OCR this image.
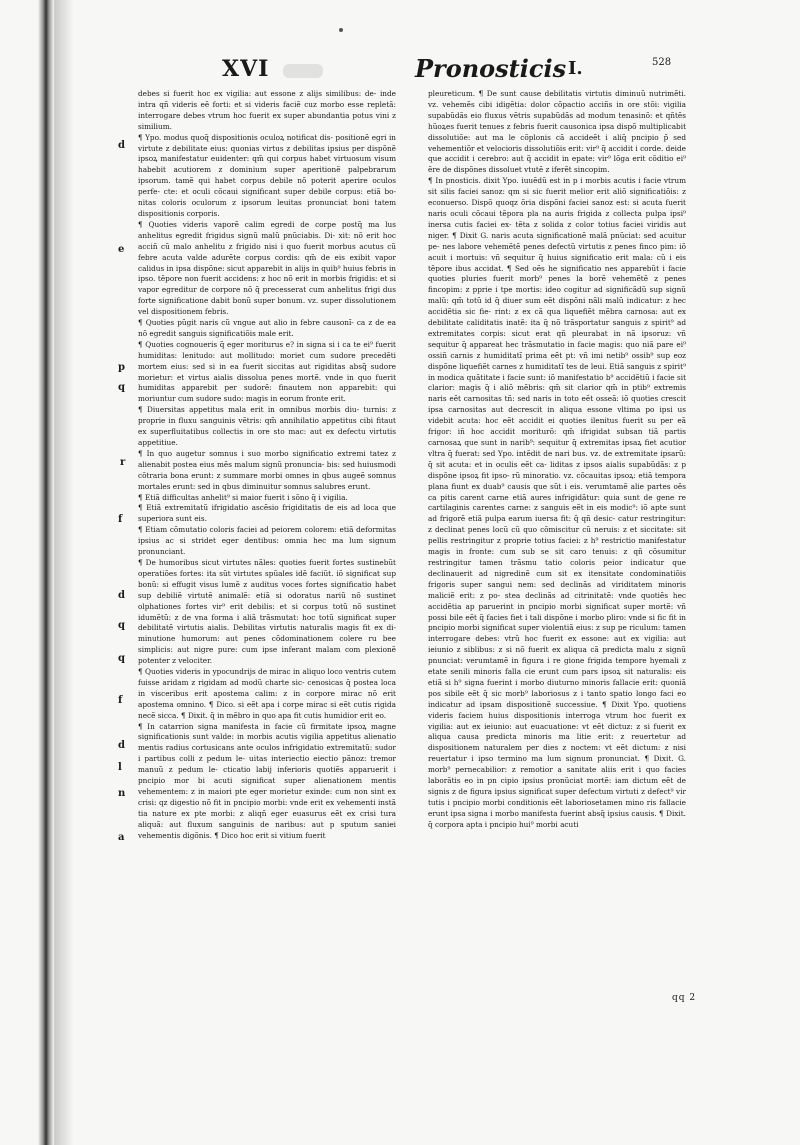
XVI	Pronosticis I.	528
debes si fuerit hoc ex vigilia: aut essone z alijs similibus: de- inde intra qñ videris eẽ forti: et si videris faciẽ cuz morbo esse repletã: interrogare debes vtrum hoc fuerit ex super abundantia potus vini z similium.
¶ Ypo. modus quoq̃ dispositionis oculoꝝ notificat dis- positionẽ egri in virtute z debilitate eius: quonias virtus z debilitas ipsius per dispõnẽ ipsoꝝ manifestatur euidenter: qm̃ qui corpus habet virtuosum visum habebit acutiorem z dominium super aperitionẽ palpebrarum ipsorum. tamẽ qui habet corpus debile nõ poterit aperire oculos perfe- cte: et oculi cõcaui significant super debile corpus: etiã bo- nitas coloris oculorum z ipsorum leuitas pronunciat boni tatem dispositionis corporis.
¶ Quoties videris vaporẽ calim egredi de corpe postq̃ ma lus anhelitus egredit frigidus signũ malũ pnũciabis. Di- xit: nõ erit hoc acciñ cũ malo anhelitu z frigido nisi i quo fuerit morbus acutus cũ febre acuta valde adurẽte corpus cordis: qm̃ de eis exibit vapor calidus in ipsa dispõne: sicut apparebit in alijs in quib⁹ huius febris in ipso. tẽpore non fuerit accidens: z hoc nõ erit in morbis frigidis: et si vapor egreditur de corpore nõ q̃ precesserat cum anhelitus frigi dus forte significatione dabit bonũ super bonum. vz. super dissolutionem vel dispositionem febris.
¶ Quoties pũgit naris cũ vngue aut alio in febre causonĩ- ca z de ea nõ egredit sanguis significatiõis male erit.
¶ Quoties cognoueris q̃ eger moriturus e? in signa si i ca te ei⁹ fuerit humiditas: lenitudo: aut mollitudo: moriet cum sudore precedẽti mortem eius: sed si in ea fuerit siccitas aut rigiditas absq̃ sudore morietur: et virtus aialis dissolua penes mortẽ. vnde in quo fuerit humiditas apparebit per sudorẽ: finautem non apparebit: qui moriuntur cum sudore sudo: magis in eorum fronte erit.
¶ Diuersitas appetitus mala erit in omnibus morbis diu- turnis: z proprie in fluxu sanguinis vẽtris: qm̃ annihilatio appetitus cibi fitaut ex superfluitatibus collectis in ore sto mac: aut ex defectu virtutis appetitiue.
¶ In quo augetur somnus i suo morbo significatio extremi tatez z alienabit postea eius mẽs malum signũ pronuncia- bis: sed huiusmodi cõtraria bona erunt: z summare morbi omnes in qbus augeẽ somnus mortales erunt: sed in qbus diminuitur somnus salubres erunt.
¶ Etiã difficultas anhelit⁹ si maior fuerit i sõno q̃ i vigilia.
¶ Etiã extremitatũ ifrigidatio ascẽsio frigiditatis de eis ad loca que superiora sunt eis.
¶ Etiam cõmutatio coloris faciei ad peiorem colorem: etiã deformitas ipsius ac si stridet eger dentibus: omnia hec ma lum signum pronunciant.
¶ De humoribus sicut virtutes nãles: quoties fuerit fortes sustinebũt operatiões fortes: ita sũt virtutes spũales idẽ faciũt. iõ significat sup bonũ: si effugit visus lumẽ z auditus voces fortes significatio habet sup debiliẽ virtutẽ animalẽ: etiã si odoratus nariũ nõ sustinet olphationes fortes vir⁹ erit debilis: et si corpus totũ nõ sustinet idumẽtũ: z de vna forma i aliã trãsmutat: hoc totũ significat super debilitatẽ virtutis aialis. Debilitas virtutis naturalis magis fit ex di- minutione humorum: aut penes cõdominationem colere ru bee simplicis: aut nigre pure: cum ipse inferant malam com plexionẽ potenter z velociter.
¶ Quoties videris in ypocundrijs de mirac in aliquo loco ventris cutem fuisse aridam z rigidam ad modũ charte sic- cenosicas q̃ postea loca in visceribus erit apostema calim: z in corpore mirac nõ erit apostema omnino. ¶ Dico. si eẽt apa i corpe mirac si eẽt cutis rigida necẽ sicca. ¶ Dixit. q̃ in mẽbro in quo apa fit cutis humidior erit eo.
¶ In catarrion signa manifesta in facie cũ firmitate ipsoꝝ magne significationis sunt valde: in morbis acutis vigilia appetitus alienatio mentis radius cortusicans ante oculos infrigidatio extremitatũ: sudor i partibus colli z pedum le- uitas interiectio eiectio pãnoz: tremor manuũ z pedum le- cticatio labij inferioris quotiẽs apparuerit i pncipio mor bi acuti significat super alienationem mentis vehementem: z in maiori pte eger morietur exinde: cum non sint ex crisi: qz digestio nõ fit in pncipio morbi: vnde erit ex vehementi instã tia nature ex pte morbi: z aliqñ eger euasurus eẽt ex crisi tura aliquã: aut fluxum sanguinis de naribus: aut p sputum saniei vehementis digõnis. ¶ Dico hoc erit si vitium fuerit
pleureticum. ¶ De sunt cause debilitatis virtutis diminuũ nutrimẽti. vz. vehemẽs cibi idigẽtia: dolor cõpactio acciñs in ore stõi: vigilia supabũdãs eio fluxus vẽtris supabũdãs ad modum tenasinõ: et qñtẽs hũoꝝes fuerit tenues z febris fuerit causonica ipsa dispõ multiplicabit dissolutiõe: aut ma le cõplonis cã accideẽt i aliq̃ pncipio p̃ sed vehementiõr et velocioris dissolutiõis erit: vir⁹ q̃ accidit i corde. deide que accidit i cerebro: aut q̃ accidit in epate: vir⁹ lõga erit cõditio ei⁹ ẽre de dispõnes dissoluet vtutẽ z iferẽt sincopim.
¶ In pnosticis. dixit Ypo. iuuẽdũ est in p i morbis acutis i facie vtrum sit silis faciei sanoz: qm si sic fuerit melior erit aliõ significatiõis: z econuerso. Dispõ quoqz õria dispõni faciei sanoz est: si acuta fuerit naris oculi cõcaui tẽpora pla na auris frigida z collecta pulpa ipsi⁹ inersa cutis faciei ex- tẽta z solida z color totius faciei viridis aut niger. ¶ Dixit G. naris acuta significationẽ malã pnũciat: sed acuitur pe- nes labore vehemẽtẽ penes defectũ virtutis z penes finco pim: iõ acuit i mortuis: vñ sequitur q̃ huius significatio erit mala: cũ i eis tẽpore ibus accidat. ¶ Sed oẽs he significatio nes apparebũt i facie quoties pluries fuerit morb⁹ penes la borẽ vehemẽtẽ z penes fincopim: z pprie i tpe mortis: ideo cogitur ad significãdũ sup signũ malũ: qm̃ totũ id q̃ diuer sum eẽt dispõni nãli malũ indicatur: z hec accidẽtia sic fie- rint: z ex cã qua liquefiẽt mẽbra carnosa: aut ex debilitate caliditatis inatẽ: ita q̃ nõ trãsportatur sanguis z spirit⁹ ad extremitates corpis: sicut erat qñ pleurabat in nã ipsoruz: vñ sequitur q̃ appareat hec trãsmutatio in facie magis: quo niã pare ei⁹ ossiñ carnis z humiditatĩ prima eẽt pt: vñ imi netib⁹ ossib⁹ sup eoz dispõne liquefiẽt carnes z humiditatĩ tes de leui. Etiã sanguis z spirit⁹ in modica quãtitate i facie sunt: iõ manifestatio b⁹ accidẽtiũ i facie sit clarior: magis q̃ i aliõ mẽbris: qm̃ sit clarior qm̃ in ptib⁹ extremis naris eẽt carnositas tñ: sed naris in toto eẽt osseã: iõ quoties crescit ipsa carnositas aut decrescit in aliqua essone vltima po ipsi us videbit acuta: hoc eẽt accidit ei quoties ilenitus fuerit su per eã frigor: iñ hoc accidit moriturõ: qm̃ ifrigidat subsan tiã partis carnosaꝝ que sunt in narib⁹: sequitur q̃ extremitas ipsaꝝ fiet acutior vltra q̃ fuerat: sed Ypo. intẽdit de nari bus. vz. de extremitate ipsarũ: q̃ sit acuta: et in oculis eẽt ca- liditas z ipsos aialis supabũdãs: z p dispõne ipsoꝝ fit ipso- rũ minoratio. vz. cõcauitas ipsoꝝ: etiã tempora plana fiunt ex duab⁹ causis que sũt i eis. verumtamẽ alie partes oẽs ca pitis carent carne etiã aures infrigidãtur: quia sunt de gene re cartilaginis carentes carne: z sanguis eẽt in eis modic⁹: iõ apte sunt ad frigorẽ etiã pulpa earum iuersa fit: q̃ qñ desic- catur restringitur: z declinat penes locũ cũ quo cõmiscitur cũ neruis: z et siccitate: sit pellis restringitur z proprie totius faciei: z h⁹ restrictio manifestatur magis in fronte: cum sub se sit caro tenuis: z qñ cõsumitur restringitur tamen trãsmu tatio coloris peior indicatur que declinauerit ad nigredinẽ cum sit ex itensitate condominatiõis frigoris super sangui nem: sed declinãs ad viriditatem minoris maliciẽ erit: z po- stea declinãs ad citrinitatẽ: vnde quotiẽs hec accidẽtia ap paruerint in pncipio morbi significat super mortẽ: vñ possi bile eẽt q̃ facies fiet i tali dispõne i morbo pliro: vnde si fic fit in pncipio morbi significat super violentiã eius: z sup pe riculum: tamen interrogare debes: vtrũ hoc fuerit ex essone: aut ex vigilia: aut ieiunio z siblibus: z si nõ fuerit ex aliqua cã predicta malu z signũ pnunciat: verumtamẽ in figura i re gione frigida tempore hyemali z etate senili minoris falla cie erunt cum pars ipsoꝝ sit naturalis: eis etiã si h⁹ signa fuerint i morbo diuturno minoris fallacie erit: quoniã pos sibile eẽt q̃ sic morb⁹ laboriosus z i tanto spatio longo faci eo indicatur ad ipsam dispositionẽ successiue. ¶ Dixit Ypo. quotiens videris faciem huius dispositionis interroga vtrum hoc fuerit ex vigilia: aut ex ieiunio: aut euacuatione: vt eẽt dictuz: z si fuerit ex aliqua causa predicta minoris ma litie erit: z reuertetur ad dispositionem naturalem per dies z noctem: vt eẽt dictum: z nisi reuertatur i ipso termino ma lum signum pronunciat. ¶ Dixit. G. morb⁹ pernecabilior: z remotior a sanitate aliis erit i quo facies laborãtis eo in pn cipio ipsius pronũciat mortẽ: iam dictum eẽt de signis z de figura ipsius significat super defectum virtuti z defect⁹ vir tutis i pncipio morbi conditionis eẽt laboriosetamen mino ris fallacie erunt ipsa signa i morbo manifesta fuerint absq̃ ipsius causis. ¶ Dixit. q̃ corpora apta i pncipio hui⁹ morbi acuti
d
e
p
q
r
f
d
q
q
f
d
l
n
a
qq 2
